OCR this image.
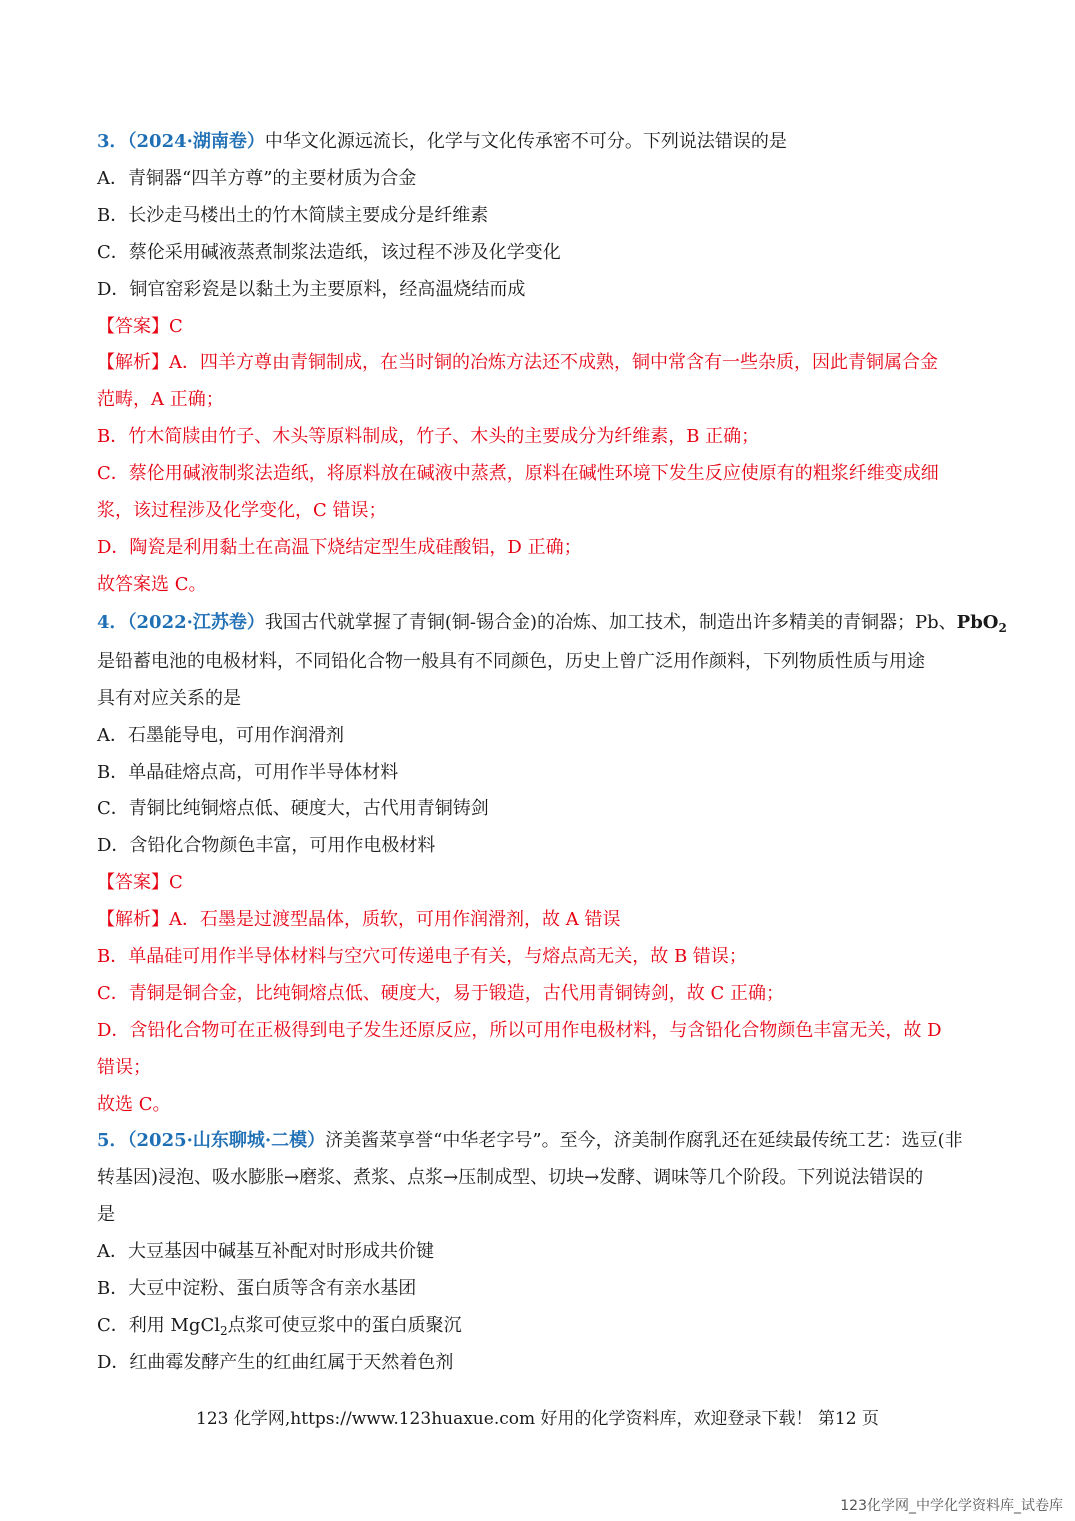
3．（2024·湖南卷）中华文化源远流长，化学与文化传承密不可分。下列说法错误的是
A．青铜器“四羊方尊”的主要材质为合金
B．长沙走马楼出土的竹木简牍主要成分是纤维素
C．蔡伦采用碱液蒸煮制浆法造纸，该过程不涉及化学变化
D．铜官窑彩瓷是以黏土为主要原料，经高温烧结而成
【答案】C
【解析】A．四羊方尊由青铜制成，在当时铜的冶炼方法还不成熟，铜中常含有一些杂质，因此青铜属合金
范畴，A 正确；
B．竹木简牍由竹子、木头等原料制成，竹子、木头的主要成分为纤维素，B 正确；
C．蔡伦用碱液制浆法造纸，将原料放在碱液中蒸煮，原料在碱性环境下发生反应使原有的粗浆纤维变成细
浆，该过程涉及化学变化，C 错误；
D．陶瓷是利用黏土在高温下烧结定型生成硅酸铝，D 正确；
故答案选 C。
4．（2022·江苏卷）我国古代就掌握了青铜(铜-锡合金)的冶炼、加工技术，制造出许多精美的青铜器；Pb、PbO$_2$
是铅蓄电池的电极材料，不同铅化合物一般具有不同颜色，历史上曾广泛用作颜料，下列物质性质与用途
具有对应关系的是
A．石墨能导电，可用作润滑剂
B．单晶硅熔点高，可用作半导体材料
C．青铜比纯铜熔点低、硬度大，古代用青铜铸剑
D．含铅化合物颜色丰富，可用作电极材料
【答案】C
【解析】A．石墨是过渡型晶体，质软，可用作润滑剂，故 A 错误
B．单晶硅可用作半导体材料与空穴可传递电子有关，与熔点高无关，故 B 错误；
C．青铜是铜合金，比纯铜熔点低、硬度大，易于锻造，古代用青铜铸剑，故 C 正确；
D．含铅化合物可在正极得到电子发生还原反应，所以可用作电极材料，与含铅化合物颜色丰富无关，故 D
错误；
故选 C。
5．（2025·山东聊城·二模）济美酱菜享誉“中华老字号”。至今，济美制作腐乳还在延续最传统工艺：选豆(非
转基因)浸泡、吸水膨胀→磨浆、煮浆、点浆→压制成型、切块→发酵、调味等几个阶段。下列说法错误的
是
A．大豆基因中碱基互补配对时形成共价键
B．大豆中淀粉、蛋白质等含有亲水基团
C．利用 MgCl$_2$点浆可使豆浆中的蛋白质聚沉
D．红曲霉发酵产生的红曲红属于天然着色剂
123 化学网,https://www.123huaxue.com 好用的化学资料库，欢迎登录下载！ 第12 页
123化学网_中学化学资料库_试卷库
